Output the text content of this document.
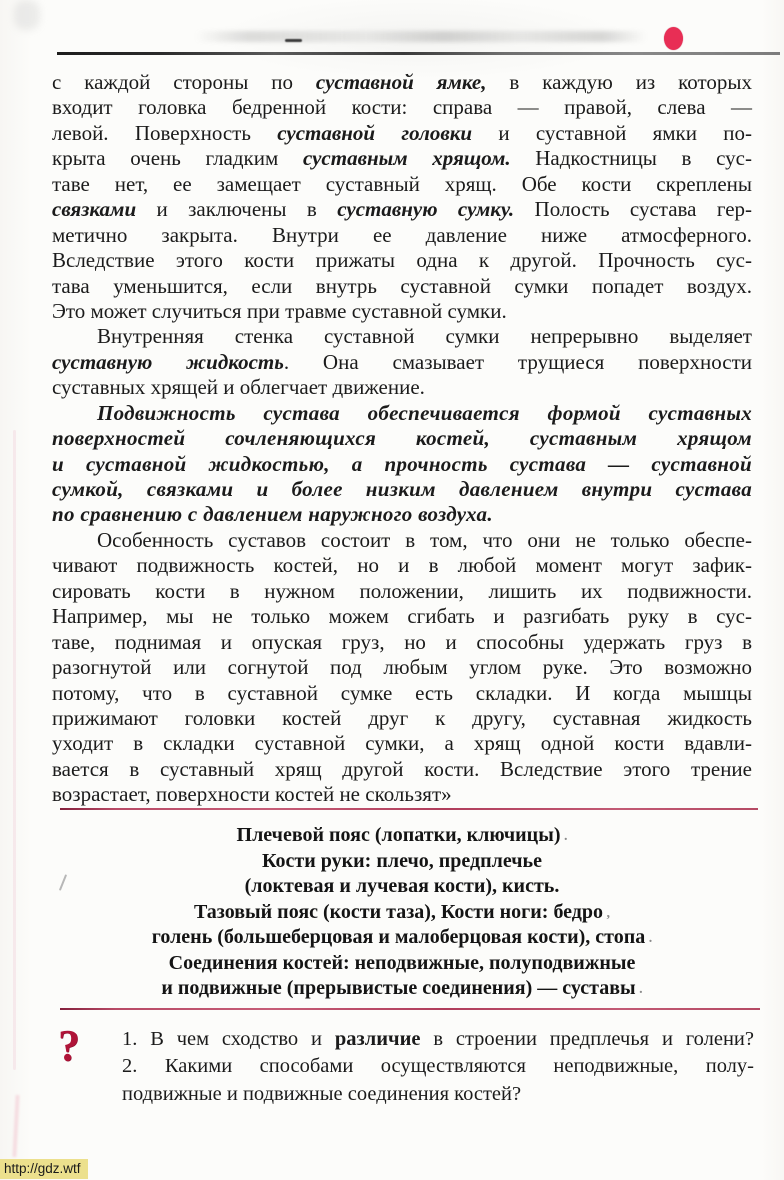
с каждой стороны по суставной ямке, в каждую из которых
входит головка бедренной кости: справа — правой, слева —
левой. Поверхность суставной головки и суставной ямки по-
крыта очень гладким суставным хрящом. Надкостницы в сус-
таве нет, ее замещает суставный хрящ. Обе кости скреплены
связками и заключены в суставную сумку. Полость сустава гер-
метично закрыта. Внутри ее давление ниже атмосферного.
Вследствие этого кости прижаты одна к другой. Прочность сус-
тава уменьшится, если внутрь суставной сумки попадет воздух.
Это может случиться при травме суставной сумки.
Внутренняя стенка суставной сумки непрерывно выделяет
суставную жидкость. Она смазывает трущиеся поверхности
суставных хрящей и облегчает движение.
Подвижность сустава обеспечивается формой суставных
поверхностей сочленяющихся костей, суставным хрящом
и суставной жидкостью, а прочность сустава — суставной
сумкой, связками и более низким давлением внутри сустава
по сравнению с давлением наружного воздуха.
Особенность суставов состоит в том, что они не только обеспе-
чивают подвижность костей, но и в любой момент могут зафик-
сировать кости в нужном положении, лишить их подвижности.
Например, мы не только можем сгибать и разгибать руку в сус-
таве, поднимая и опуская груз, но и способны удержать груз в
разогнутой или согнутой под любым углом руке. Это возможно
потому, что в суставной сумке есть складки. И когда мышцы
прижимают головки костей друг к другу, суставная жидкость
уходит в складки суставной сумки, а хрящ одной кости вдавли-
вается в суставный хрящ другой кости. Вследствие этого трение
возрастает, поверхности костей не скользят»
Плечевой пояс (лопатки, ключицы) .
Кости руки: плечо, предплечье
(локтевая и лучевая кости), кисть.
Тазовый пояс (кости таза), Кости ноги: бедро ,
голень (большеберцовая и малоберцовая кости), стопа .
Соединения костей: неподвижные, полуподвижные
и подвижные (прерывистые соединения) — суставы .
? 1. В чем сходство и различие в строении предплечья и голени?
2. Какими способами осуществляются неподвижные, полу-
подвижные и подвижные соединения костей?
http://gdz.wtf
